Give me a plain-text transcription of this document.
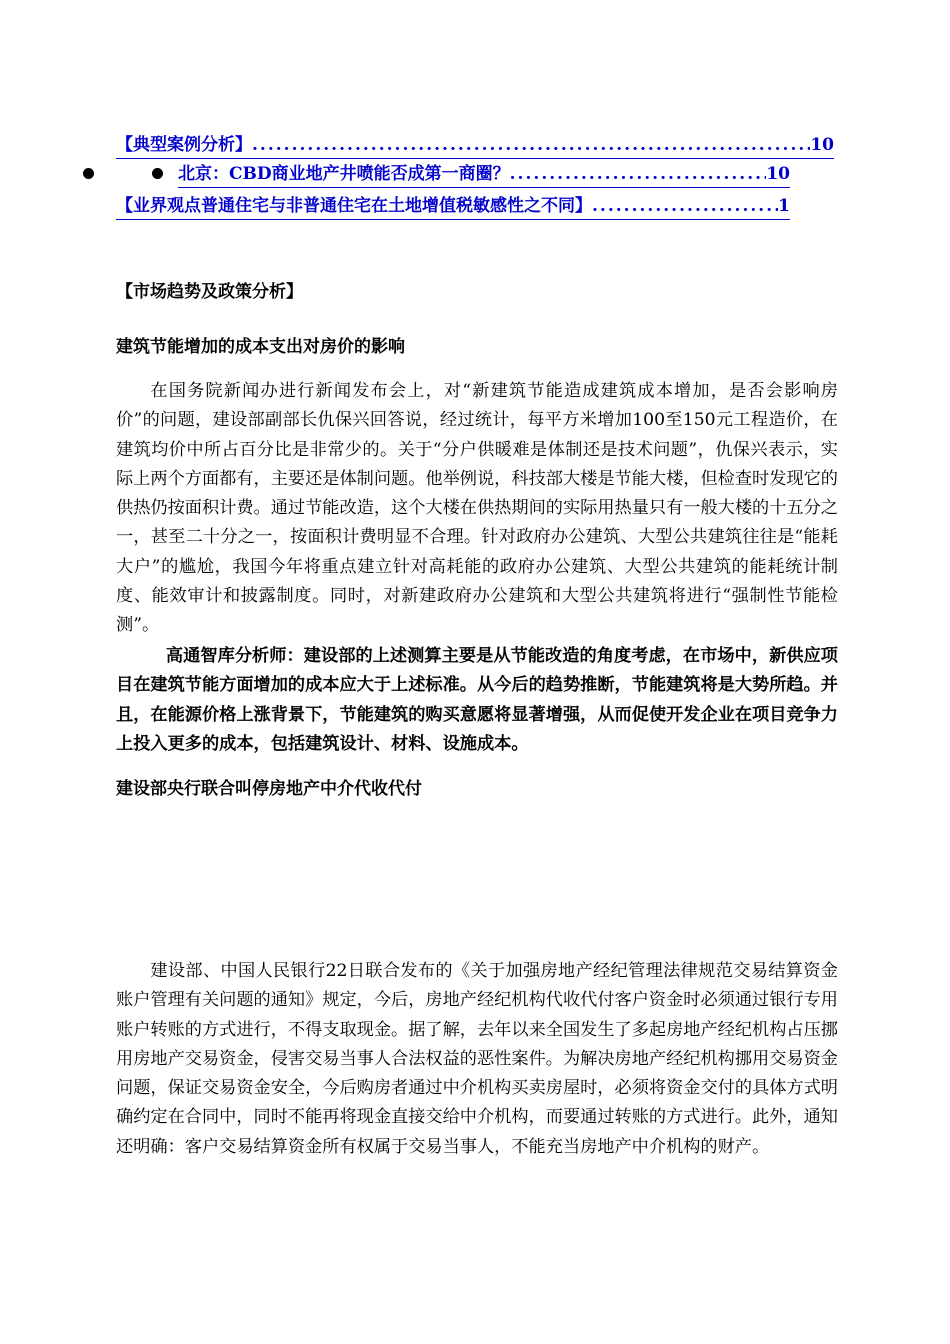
【典型案例分析】 .....	10
北京：CBD商业地产井喷能否成第一商圈？ .....	10
【业界观点普通住宅与非普通住宅在土地增值税敏感性之不同】 .....	1
【市场趋势及政策分析】
建筑节能增加的成本支出对房价的影响

在国务院新闻办进行新闻发布会上，对“新建筑节能造成建筑成本增加，是否会影响房价”的问题，建设部副部长仇保兴回答说，经过统计，每平方米增加100至150元工程造价，在建筑均价中所占百分比是非常少的。关于“分户供暖难是体制还是技术问题”，仇保兴表示，实际上两个方面都有，主要还是体制问题。他举例说，科技部大楼是节能大楼，但检查时发现它的供热仍按面积计费。通过节能改造，这个大楼在供热期间的实际用热量只有一般大楼的十五分之一，甚至二十分之一，按面积计费明显不合理。针对政府办公建筑、大型公共建筑往往是“能耗大户”的尴尬，我国今年将重点建立针对高耗能的政府办公建筑、大型公共建筑的能耗统计制度、能效审计和披露制度。同时，对新建政府办公建筑和大型公共建筑将进行“强制性节能检测”。

高通智库分析师：建设部的上述测算主要是从节能改造的角度考虑，在市场中，新供应项目在建筑节能方面增加的成本应大于上述标准。从今后的趋势推断，节能建筑将是大势所趋。并且，在能源价格上涨背景下，节能建筑的购买意愿将显著增强，从而促使开发企业在项目竞争力上投入更多的成本，包括建筑设计、材料、设施成本。

建设部央行联合叫停房地产中介代收代付

建设部、中国人民银行22日联合发布的《关于加强房地产经纪管理法律规范交易结算资金账户管理有关问题的通知》规定，今后，房地产经纪机构代收代付客户资金时必须通过银行专用账户转账的方式进行，不得支取现金。据了解，去年以来全国发生了多起房地产经纪机构占压挪用房地产交易资金，侵害交易当事人合法权益的恶性案件。为解决房地产经纪机构挪用交易资金问题，保证交易资金安全，今后购房者通过中介机构买卖房屋时，必须将资金交付的具体方式明确约定在合同中，同时不能再将现金直接交给中介机构，而要通过转账的方式进行。此外，通知还明确：客户交易结算资金所有权属于交易当事人，不能充当房地产中介机构的财产。
